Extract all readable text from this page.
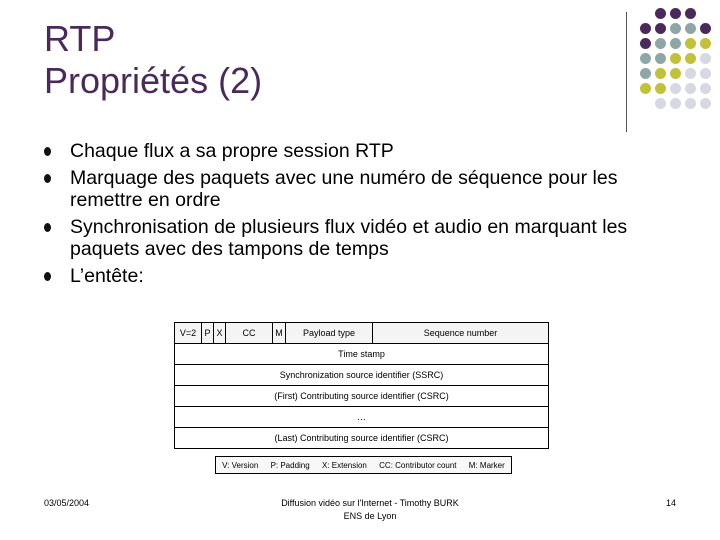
RTP
Propriétés (2)
Chaque flux a sa propre session RTP
Marquage des paquets avec une numéro de séquence pour les remettre en ordre
Synchronisation de plusieurs flux vidéo et audio en marquant les paquets avec des tampons de temps
L’entête:
V=2 P X	CC	M	Payload type	Sequence number
Time stamp
Synchronization source identifier (SSRC)
(First) Contributing source identifier (CSRC)
…
(Last) Contributing source identifier (CSRC)
V: Version P: Padding X: Extension CC: Contributor count M: Marker
03/05/2004	Diffusion vidéo sur l'Internet - Timothy BURK
ENS de Lyon
14
